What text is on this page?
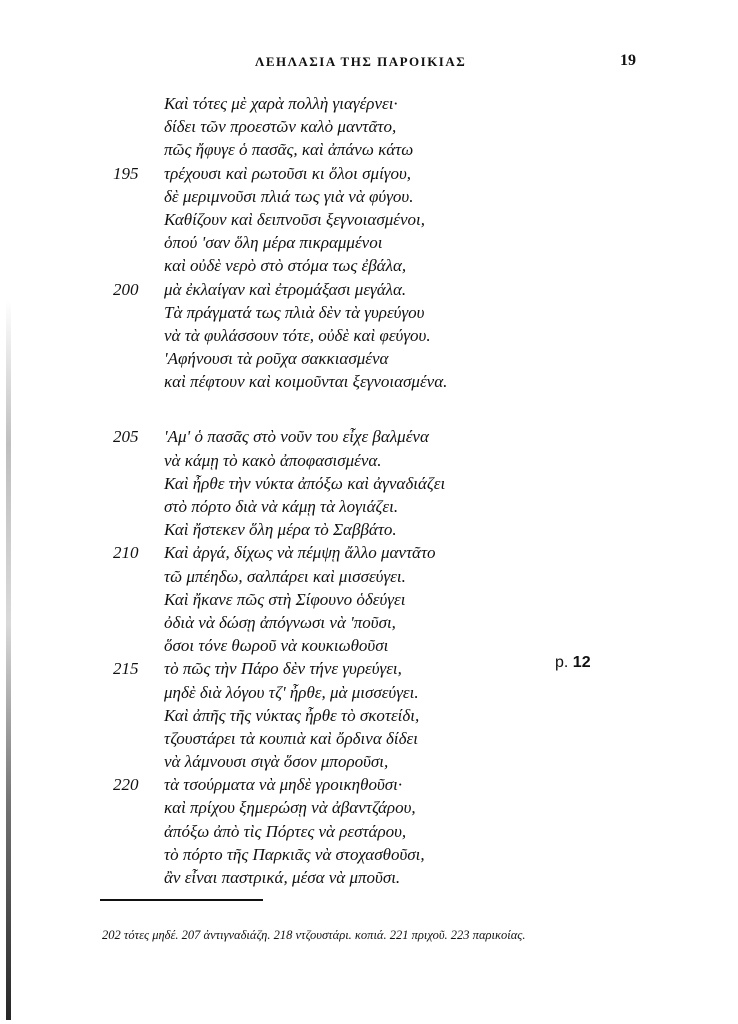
ΛΕΗΛΑΣΙΑ ΤΗΣ ΠΑΡΟΙΚΙΑΣ	19
Καὶ τότες μὲ χαρὰ πολλὴ γιαγέρνει·
δίδει τῶν προεστῶν καλὸ μαντᾶτο,
πῶς ἤφυγε ὁ πασᾶς, καὶ ἀπάνω κάτω
195	τρέχουσι καὶ ρωτοῦσι κι ὅλοι σμίγου,
δὲ μεριμνοῦσι πλιά τως γιὰ νὰ φύγου.
Καθίζουν καὶ δειπνοῦσι ξεγνοιασμένοι,
ὁπού 'σαν ὅλη μέρα πικραμμένοι
καὶ οὐδὲ νερὸ στὸ στόμα τως ἐβάλα,
200	μὰ ἐκλαίγαν καὶ ἐτρομάξασι μεγάλα.
Τὰ πράγματά τως πλιὰ δὲν τὰ γυρεύγου
νὰ τὰ φυλάσσουν τότε, οὐδὲ καὶ φεύγου.
'Αφήνουσι τὰ ροῦχα σακκιασμένα
καὶ πέφτουν καὶ κοιμοῦνται ξεγνοιασμένα.
205	'Αμ' ὁ πασᾶς στὸ νοῦν του εἶχε βαλμένα
νὰ κάμῃ τὸ κακὸ ἀποφασισμένα.
Καὶ ἦρθε τὴν νύκτα ἀπόξω καὶ ἀγναδιάζει
στὸ πόρτο διὰ νὰ κάμῃ τὰ λογιάζει.
Καὶ ἤστεκεν ὅλη μέρα τὸ Σαββάτο.
210	Καὶ ἀργά, δίχως νὰ πέμψῃ ἄλλο μαντᾶτο
τῶ μπέηδω, σαλπάρει καὶ μισσεύγει.
Καὶ ἤκανε πῶς στὴ Σίφουνο ὁδεύγει
ὀδιὰ νὰ δώσῃ ἀπόγνωσι νὰ 'ποῦσι,
ὅσοι τόνε θωροῦ νὰ κουκιωθοῦσι
215	τὸ πῶς τὴν Πάρο δὲν τήνε γυρεύγει,
μηδὲ διὰ λόγου τζ' ἦρθε, μὰ μισσεύγει.
Καὶ ἀπῆς τῆς νύκτας ἦρθε τὸ σκοτείδι,
τζουστάρει τὰ κουπιὰ καὶ ὄρδινα δίδει
νὰ λάμνουσι σιγὰ ὅσον μποροῦσι,
220	τὰ τσούρματα νὰ μηδὲ γροικηθοῦσι·
καὶ πρίχου ξημερώσῃ νὰ ἀβαντζάρου,
ἀπόξω ἀπὸ τὶς Πόρτες νὰ ρεστάρου,
τὸ πόρτο τῆς Παρκιᾶς νὰ στοχασθοῦσι,
ἂν εἶναι παστρικά, μέσα νὰ μποῦσι.
p. 12
202 τότες μηδέ. 207 ἀντιγναδιάζη. 218 ντζουστάρι. κοπιά. 221 πριχοῦ. 223 παρικοίας.
